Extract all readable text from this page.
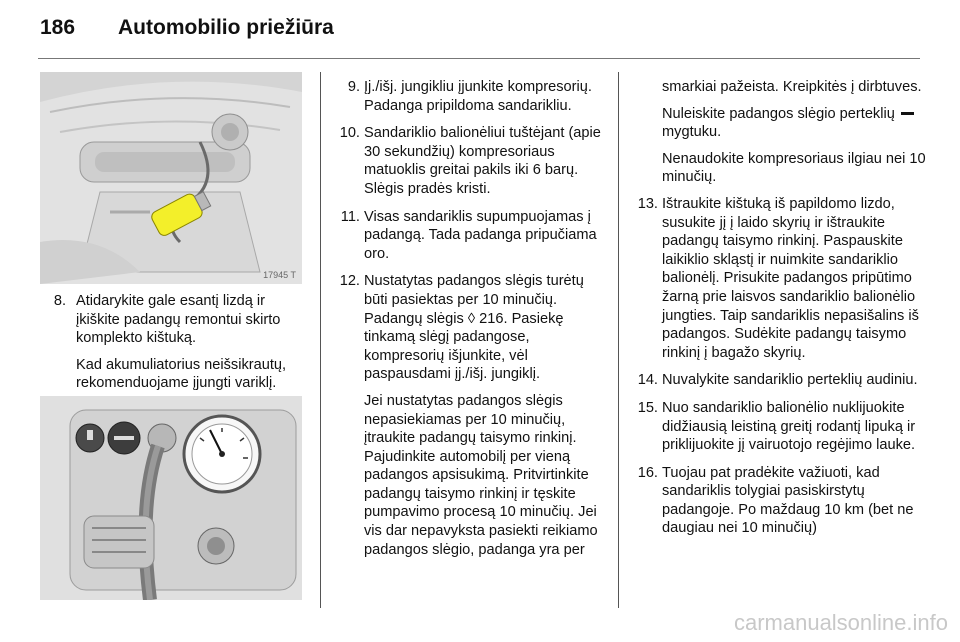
186 Automobilio priežiūra
17945 T
8. Atidarykite gale esantį lizdą ir įkiškite padangų remontui skirto komplekto kištuką.

Kad akumuliatorius neišsikrautų, rekomenduojame įjungti variklį.

9. Įj./išj. jungikliu įjunkite kompresorių. Padanga pripildoma sandarikliu.

10. Sandariklio balionėliui tuštėjant (apie 30 sekundžių) kompresoriaus matuoklis greitai pakils iki 6 barų. Slėgis pradės kristi.

11. Visas sandariklis supumpuojamas į padangą. Tada padanga pripučiama oro.

12. Nustatytas padangos slėgis turėtų būti pasiektas per 10 minučių. Padangų slėgis ◊ 216. Pasiekę tinkamą slėgį padangose, kompresorių išjunkite, vėl paspausdami įj./išj. jungiklį.

Jei nustatytas padangos slėgis nepasiekiamas per 10 minučių, įtraukite padangų taisymo rinkinį. Pajudinkite automobilį per vieną padangos apsisukimą. Pritvirtinkite padangų taisymo rinkinį ir tęskite pumpavimo procesą 10 minučių. Jei vis dar nepavyksta pasiekti reikiamo padangos slėgio, padanga yra per

smarkiai pažeista. Kreipkitės į dirbtuves.

Nuleiskite padangos slėgio perteklių  mygtuku.

Nenaudokite kompresoriaus ilgiau nei 10 minučių.

13. Ištraukite kištuką iš papildomo lizdo, susukite jį į laido skyrių ir ištraukite padangų taisymo rinkinį. Paspauskite laikiklio skląstį ir nuimkite sandariklio balionėlį. Prisukite padangos pripūtimo žarną prie laisvos sandariklio balionėlio jungties. Taip sandariklis nepasišalins iš padangos. Sudėkite padangų taisymo rinkinį į bagažo skyrių.

14. Nuvalykite sandariklio perteklių audiniu.

15. Nuo sandariklio balionėlio nuklijuokite didžiausią leistiną greitį rodantį lipuką ir priklijuokite jį vairuotojo regėjimo lauke.

16. Tuojau pat pradėkite važiuoti, kad sandariklis tolygiai pasiskirstytų padangoje. Po maždaug 10 km (bet ne daugiau nei 10 minučių)

carmanualsonline.info
